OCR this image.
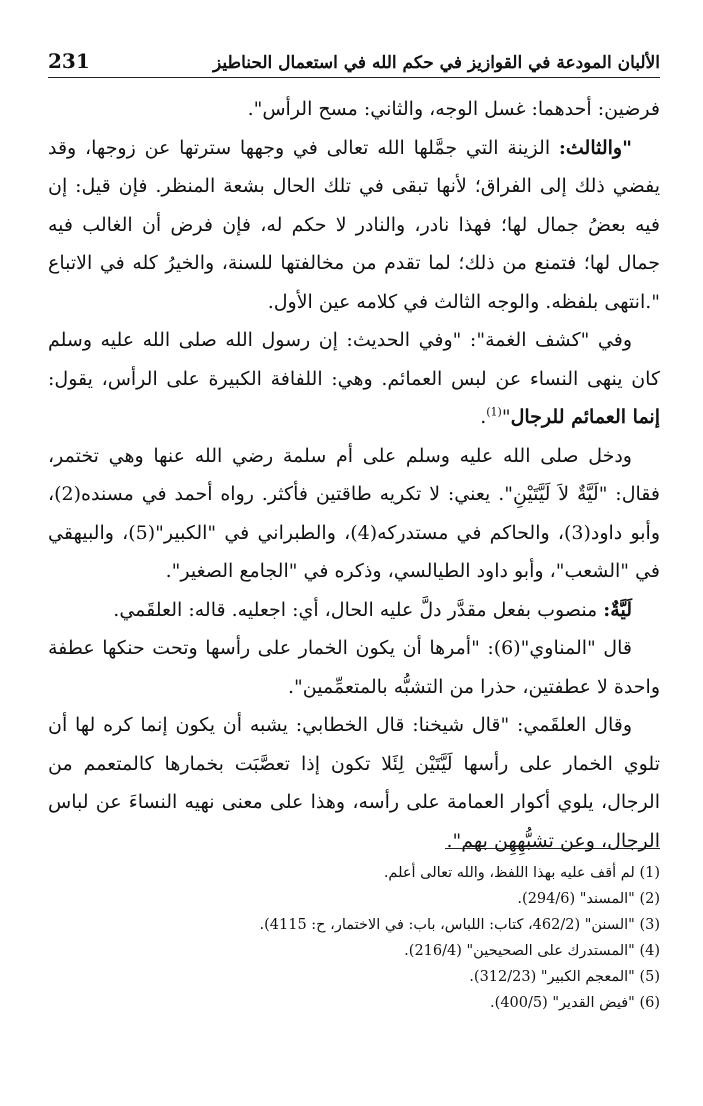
الألبان المودعة في القوازيز في حكم الله في استعمال الحناطيز
231

فرضين: أحدهما: غسل الوجه، والثاني: مسح الرأس".

"والثالث: الزينة التي جمَّلها الله تعالى في وجهها سترتها عن زوجها، وقد يفضي ذلك إلى الفراق؛ لأنها تبقى في تلك الحال بشعة المنظر. فإن قيل: إن فيه بعضُ جمال لها؛ فهذا نادر، والنادر لا حكم له، فإن فرض أن الغالب فيه جمال لها؛ فتمنع من ذلك؛ لما تقدم من مخالفتها للسنة، والخيرُ كله في الاتباع ".انتهى بلفظه. والوجه الثالث في كلامه عين الأول.

وفي "كشف الغمة": "وفي الحديث: إن رسول الله صلى الله عليه وسلم كان ينهى النساء عن لبس العمائم. وهي: اللفافة الكبيرة على الرأس، يقول: إنما العمائم للرجال"$^{(1)}$.

ودخل صلى الله عليه وسلم على أم سلمة رضي الله عنها وهي تختمر، فقال: "لَيَّةٌ لاَ لَيَّتَيْنِ". يعني: لا تكريه طاقتين فأكثر. رواه أحمد في مسنده(2)، وأبو داود(3)، والحاكم في مستدركه(4)، والطبراني في "الكبير"(5)، والبيهقي في "الشعب"، وأبو داود الطيالسي، وذكره في "الجامع الصغير".

لَيَّةٌ: منصوب بفعل مقدَّر دلَّ عليه الحال، أي: اجعليه. قاله: العلقَمي.

قال "المناوي"(6): "أمرها أن يكون الخمار على رأسها وتحت حنكها عطفة واحدة لا عطفتين، حذرا من التشبُّه بالمتعمِّمين".

وقال العلقَمي: "قال شيخنا: قال الخطابي: يشبه أن يكون إنما كره لها أن تلوي الخمار على رأسها لَيَّتَيْن لِئَلا تكون إذا تعصَّبَت بخمارها كالمتعمم من الرجال، يلوي أكوار العمامة على رأسه، وهذا على معنى نهيه النساءَ عن لباس الرجال، وعن تشبُّهِهِن بهم".

(1) لم أقف عليه بهذا اللفظ، والله تعالى أعلم.

(2) "المسند" (294/6).

(3) "السنن" (462/2، كتاب: اللباس، باب: في الاختمار، ح: 4115).

(4) "المستدرك على الصحيحين" (216/4).

(5) "المعجم الكبير" (312/23).

(6) "فيض القدير" (400/5).
